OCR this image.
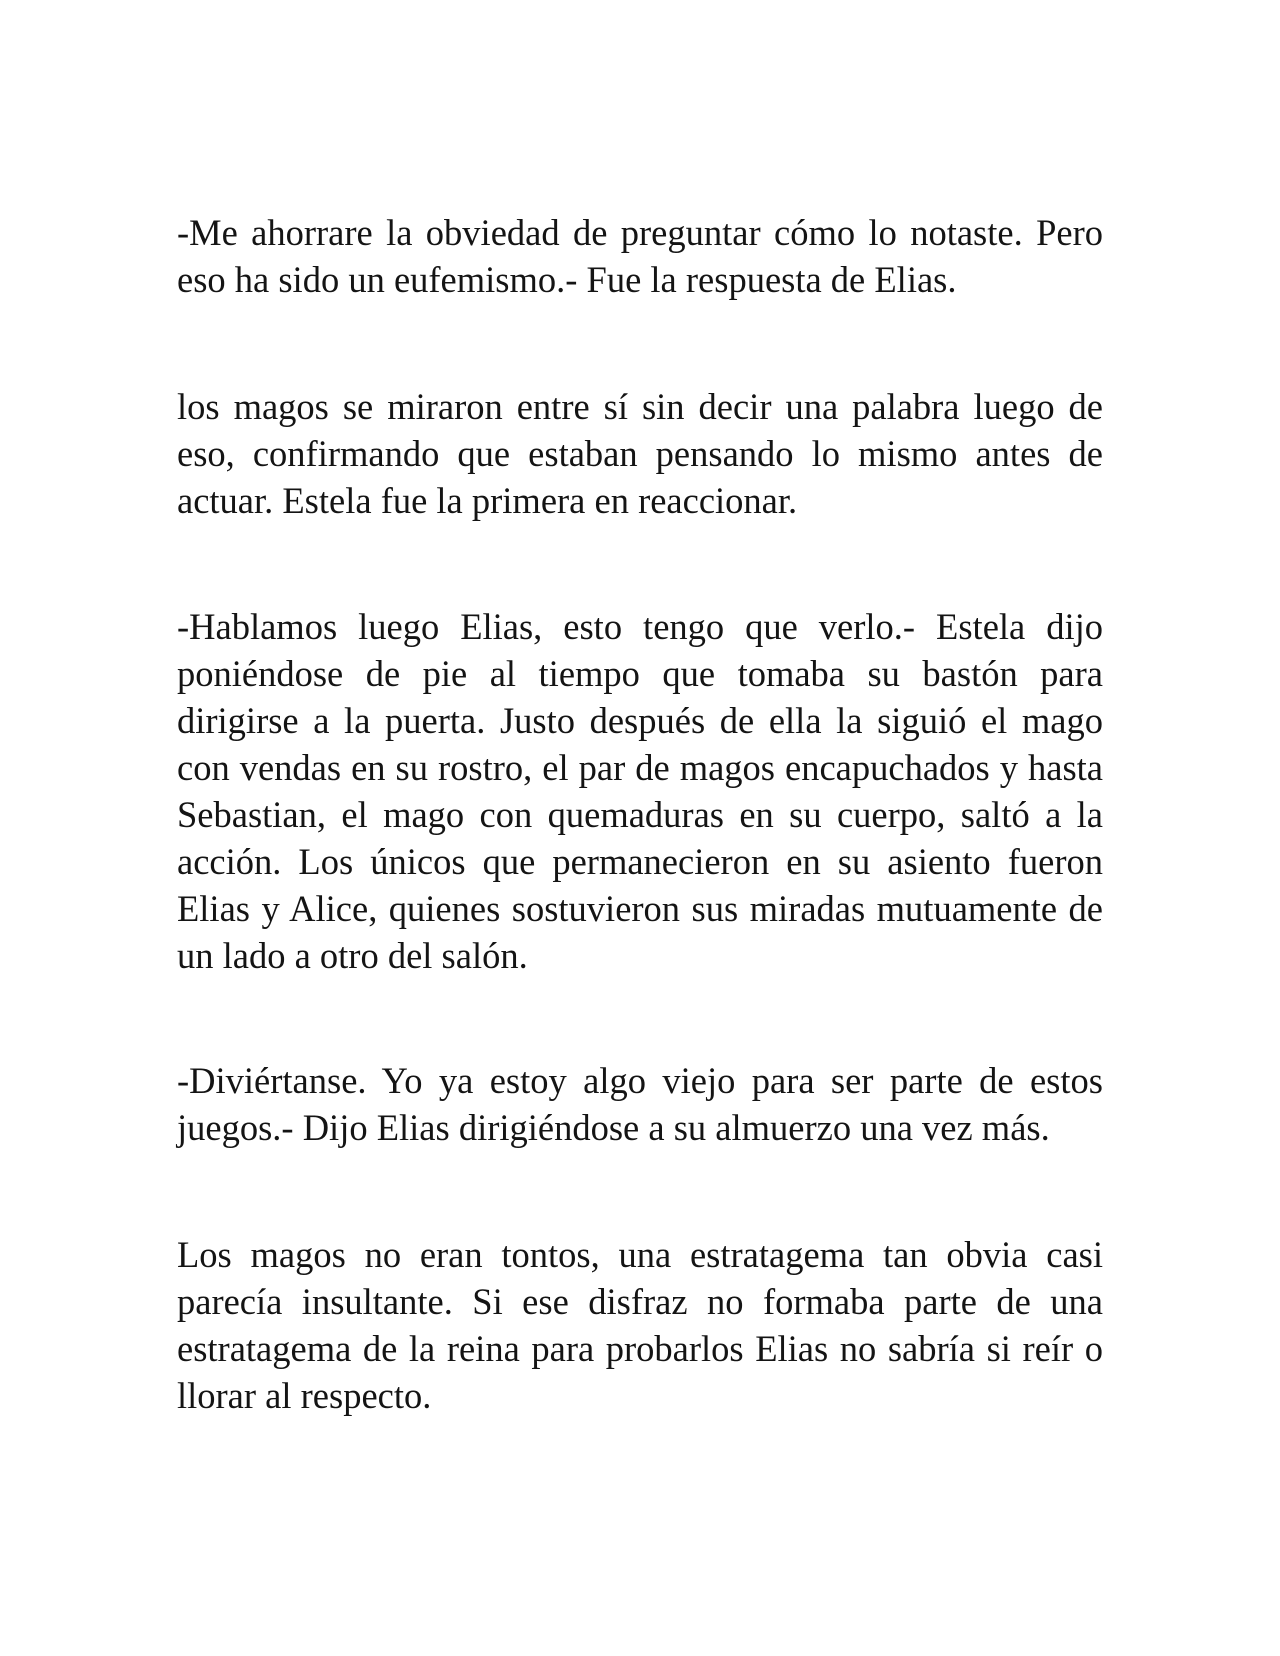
-Me ahorrare la obviedad de preguntar cómo lo notaste. Pero eso ha sido un eufemismo.- Fue la respuesta de Elias.

los magos se miraron entre sí sin decir una palabra luego de eso, confirmando que estaban pensando lo mismo antes de actuar. Estela fue la primera en reaccionar.

-Hablamos luego Elias, esto tengo que verlo.- Estela dijo poniéndose de pie al tiempo que tomaba su bastón para dirigirse a la puerta. Justo después de ella la siguió el mago con vendas en su rostro, el par de magos encapuchados y hasta Sebastian, el mago con quemaduras en su cuerpo, saltó a la acción. Los únicos que permanecieron en su asiento fueron Elias y Alice, quienes sostuvieron sus miradas mutuamente de un lado a otro del salón.

-Diviértanse. Yo ya estoy algo viejo para ser parte de estos juegos.- Dijo Elias dirigiéndose a su almuerzo una vez más.

Los magos no eran tontos, una estratagema tan obvia casi parecía insultante. Si ese disfraz no formaba parte de una estratagema de la reina para probarlos Elias no sabría si reír o llorar al respecto.
